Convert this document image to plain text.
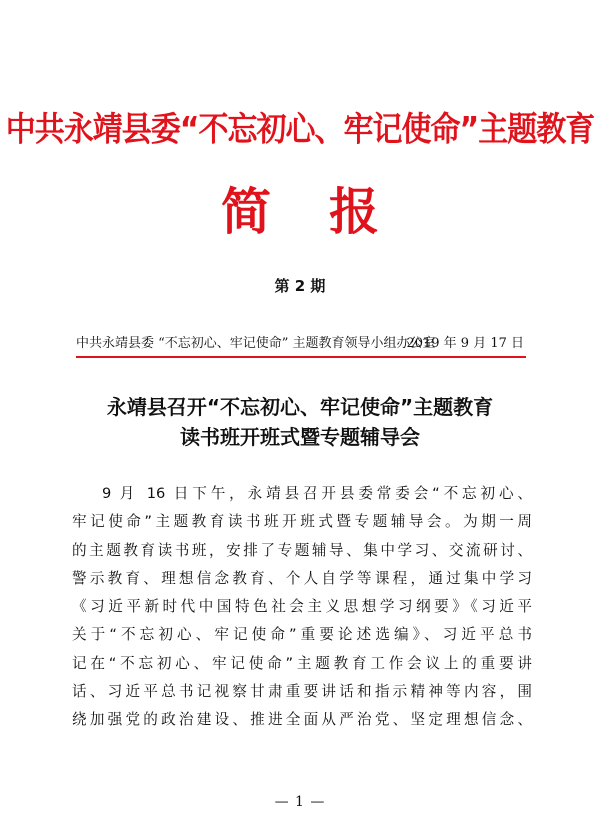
中共永靖县委“不忘初心、牢记使命”主题教育
简 报
第 2 期
中共永靖县委 “不忘初心、牢记使命” 主题教育领导小组办公室
2019 年 9 月 17 日
永靖县召开“不忘初心、牢记使命”主题教育
读书班开班式暨专题辅导会
9 月 16 日下午，永靖县召开县委常委会“不忘初心、
牢记使命”主题教育读书班开班式暨专题辅导会。为期一周
的主题教育读书班，安排了专题辅导、集中学习、交流研讨、
警示教育、理想信念教育、个人自学等课程，通过集中学习
《习近平新时代中国特色社会主义思想学习纲要》《习近平
关于“不忘初心、牢记使命”重要论述选编》、习近平总书
记在“不忘初心、牢记使命”主题教育工作会议上的重要讲
话、习近平总书记视察甘肃重要讲话和指示精神等内容，围
绕加强党的政治建设、推进全面从严治党、坚定理想信念、
— 1 —
